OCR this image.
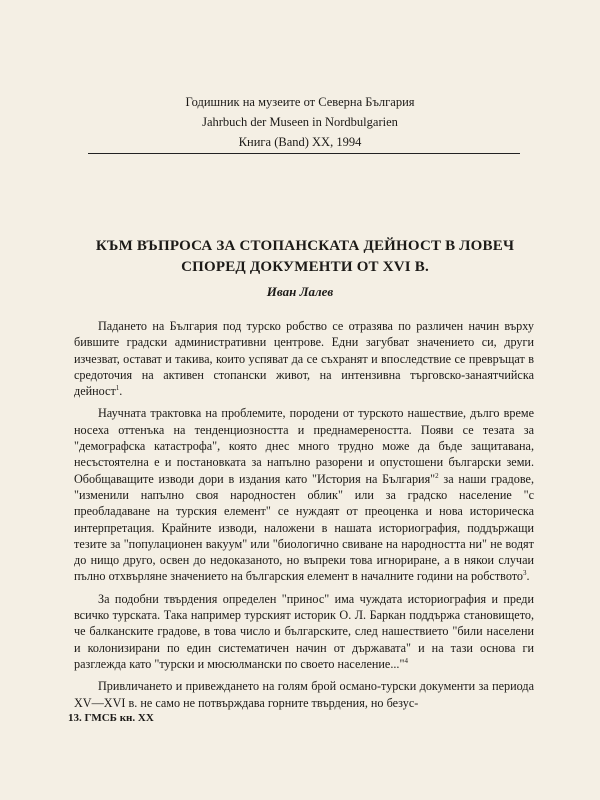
Годишник на музеите от Северна България
Jahrbuch der Museen in Nordbulgarien
Книга (Band) XX, 1994
КЪМ ВЪПРОСА ЗА СТОПАНСКАТА ДЕЙНОСТ В ЛОВЕЧ
СПОРЕД ДОКУМЕНТИ ОТ XVI В.
Иван Лалев

Падането на България под турско робство се отразява по различен начин върху бившите градски административни центрове. Едни загубват значението си, други изчезват, остават и такива, които успяват да се съхранят и впоследствие се превръщат в средоточия на активен стопански живот, на интензивна търговско-занаятчийска дейност$^1$.

Научната трактовка на проблемите, породени от турското нашествие, дълго време носеха оттенъка на тенденциозността и преднамереността. Появи се тезата за "демографска катастрофа", която днес много трудно може да бъде защитавана, несъстоятелна е и постановката за напълно разорени и опустошени български земи. Обобщаващите изводи дори в издания като "История на България"$^2$ за наши градове, "изменили напълно своя народностен облик" или за градско население "с преобладаване на турския елемент" се нуждаят от преоценка и нова историческа интерпретация. Крайните изводи, наложени в нашата историография, поддържащи тезите за "популационен вакуум" или "биологично свиване на народността ни" не водят до нищо друго, освен до недоказаното, но въпреки това игнориране, а в някои случаи пълно отхвърляне значението на българския елемент в началните години на робството$^3$.

За подобни твърдения определен "принос" има чуждата историография и преди всичко турската. Така например турският историк О. Л. Баркан поддържа становището, че балканските градове, в това число и българските, след нашествието "били населени и колонизирани по един систематичен начин от държавата" и на тази основа ги разглежда като "турски и мюсюлмански по своето население..."$^4$

Привличането и привеждането на голям брой османо-турски документи за периода XV—XVI в. не само не потвърждава горните твърдения, но безус-

13. ГМСБ кн. XX
